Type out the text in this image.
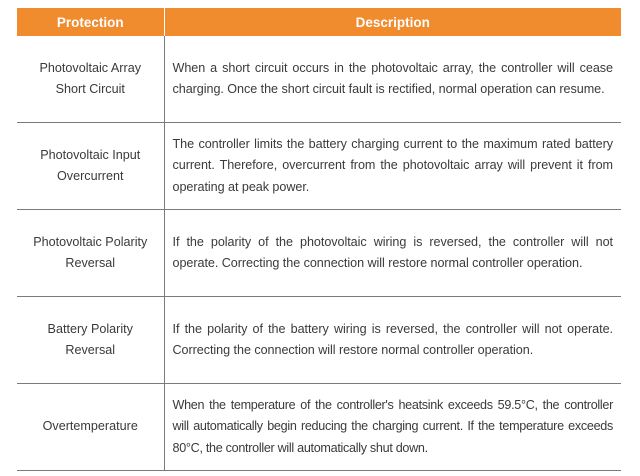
Protection	Description
Photovoltaic Array Short Circuit	When a short circuit occurs in the photovoltaic array, the controller will cease charging. Once the short circuit fault is rectified, normal operation can resume.
Photovoltaic Input Overcurrent	The controller limits the battery charging current to the maximum rated battery current. Therefore, overcurrent from the photovoltaic array will prevent it from operating at peak power.
Photovoltaic Polarity Reversal	If the polarity of the photovoltaic wiring is reversed, the controller will not operate. Correcting the connection will restore normal controller operation.
Battery Polarity Reversal	If the polarity of the battery wiring is reversed, the controller will not operate. Correcting the connection will restore normal controller operation.
Overtemperature	When the temperature of the controller's heatsink exceeds 59.5°C, the controller will automatically begin reducing the charging current. If the temperature exceeds 80°C, the controller will automatically shut down.
